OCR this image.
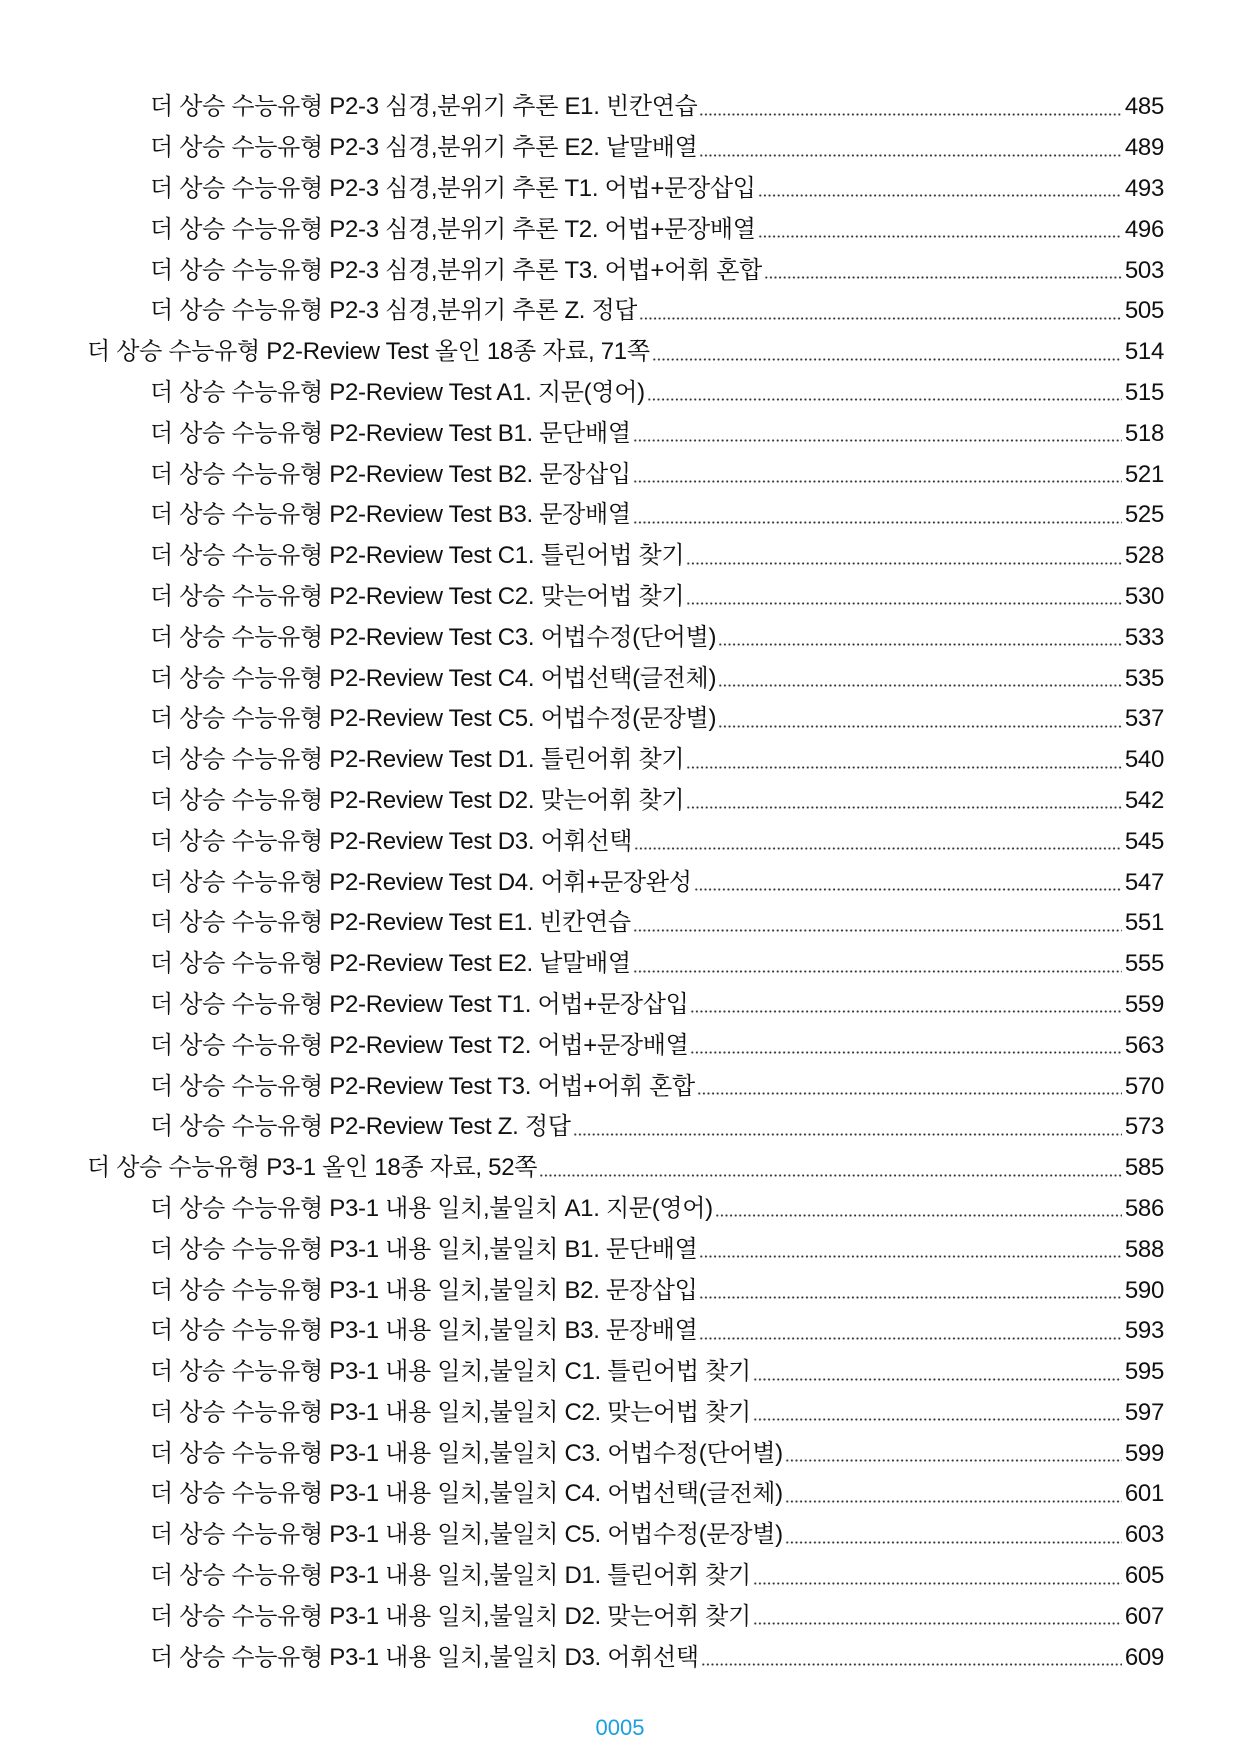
더 상승 수능유형 P2-3 심경,분위기 추론 E1. 빈칸연습	485
더 상승 수능유형 P2-3 심경,분위기 추론 E2. 낱말배열	489
더 상승 수능유형 P2-3 심경,분위기 추론 T1. 어법+문장삽입	493
더 상승 수능유형 P2-3 심경,분위기 추론 T2. 어법+문장배열	496
더 상승 수능유형 P2-3 심경,분위기 추론 T3. 어법+어휘 혼합	503
더 상승 수능유형 P2-3 심경,분위기 추론 Z. 정답	505
더 상승 수능유형 P2-Review Test 올인 18종 자료, 71쪽	514
더 상승 수능유형 P2-Review Test A1. 지문(영어)	515
더 상승 수능유형 P2-Review Test B1. 문단배열	518
더 상승 수능유형 P2-Review Test B2. 문장삽입	521
더 상승 수능유형 P2-Review Test B3. 문장배열	525
더 상승 수능유형 P2-Review Test C1. 틀린어법 찾기	528
더 상승 수능유형 P2-Review Test C2. 맞는어법 찾기	530
더 상승 수능유형 P2-Review Test C3. 어법수정(단어별)	533
더 상승 수능유형 P2-Review Test C4. 어법선택(글전체)	535
더 상승 수능유형 P2-Review Test C5. 어법수정(문장별)	537
더 상승 수능유형 P2-Review Test D1. 틀린어휘 찾기	540
더 상승 수능유형 P2-Review Test D2. 맞는어휘 찾기	542
더 상승 수능유형 P2-Review Test D3. 어휘선택	545
더 상승 수능유형 P2-Review Test D4. 어휘+문장완성	547
더 상승 수능유형 P2-Review Test E1. 빈칸연습	551
더 상승 수능유형 P2-Review Test E2. 낱말배열	555
더 상승 수능유형 P2-Review Test T1. 어법+문장삽입	559
더 상승 수능유형 P2-Review Test T2. 어법+문장배열	563
더 상승 수능유형 P2-Review Test T3. 어법+어휘 혼합	570
더 상승 수능유형 P2-Review Test Z. 정답	573
더 상승 수능유형 P3-1 올인 18종 자료, 52쪽	585
더 상승 수능유형 P3-1 내용 일치,불일치 A1. 지문(영어)	586
더 상승 수능유형 P3-1 내용 일치,불일치 B1. 문단배열	588
더 상승 수능유형 P3-1 내용 일치,불일치 B2. 문장삽입	590
더 상승 수능유형 P3-1 내용 일치,불일치 B3. 문장배열	593
더 상승 수능유형 P3-1 내용 일치,불일치 C1. 틀린어법 찾기	595
더 상승 수능유형 P3-1 내용 일치,불일치 C2. 맞는어법 찾기	597
더 상승 수능유형 P3-1 내용 일치,불일치 C3. 어법수정(단어별)	599
더 상승 수능유형 P3-1 내용 일치,불일치 C4. 어법선택(글전체)	601
더 상승 수능유형 P3-1 내용 일치,불일치 C5. 어법수정(문장별)	603
더 상승 수능유형 P3-1 내용 일치,불일치 D1. 틀린어휘 찾기	605
더 상승 수능유형 P3-1 내용 일치,불일치 D2. 맞는어휘 찾기	607
더 상승 수능유형 P3-1 내용 일치,불일치 D3. 어휘선택	609
0005
